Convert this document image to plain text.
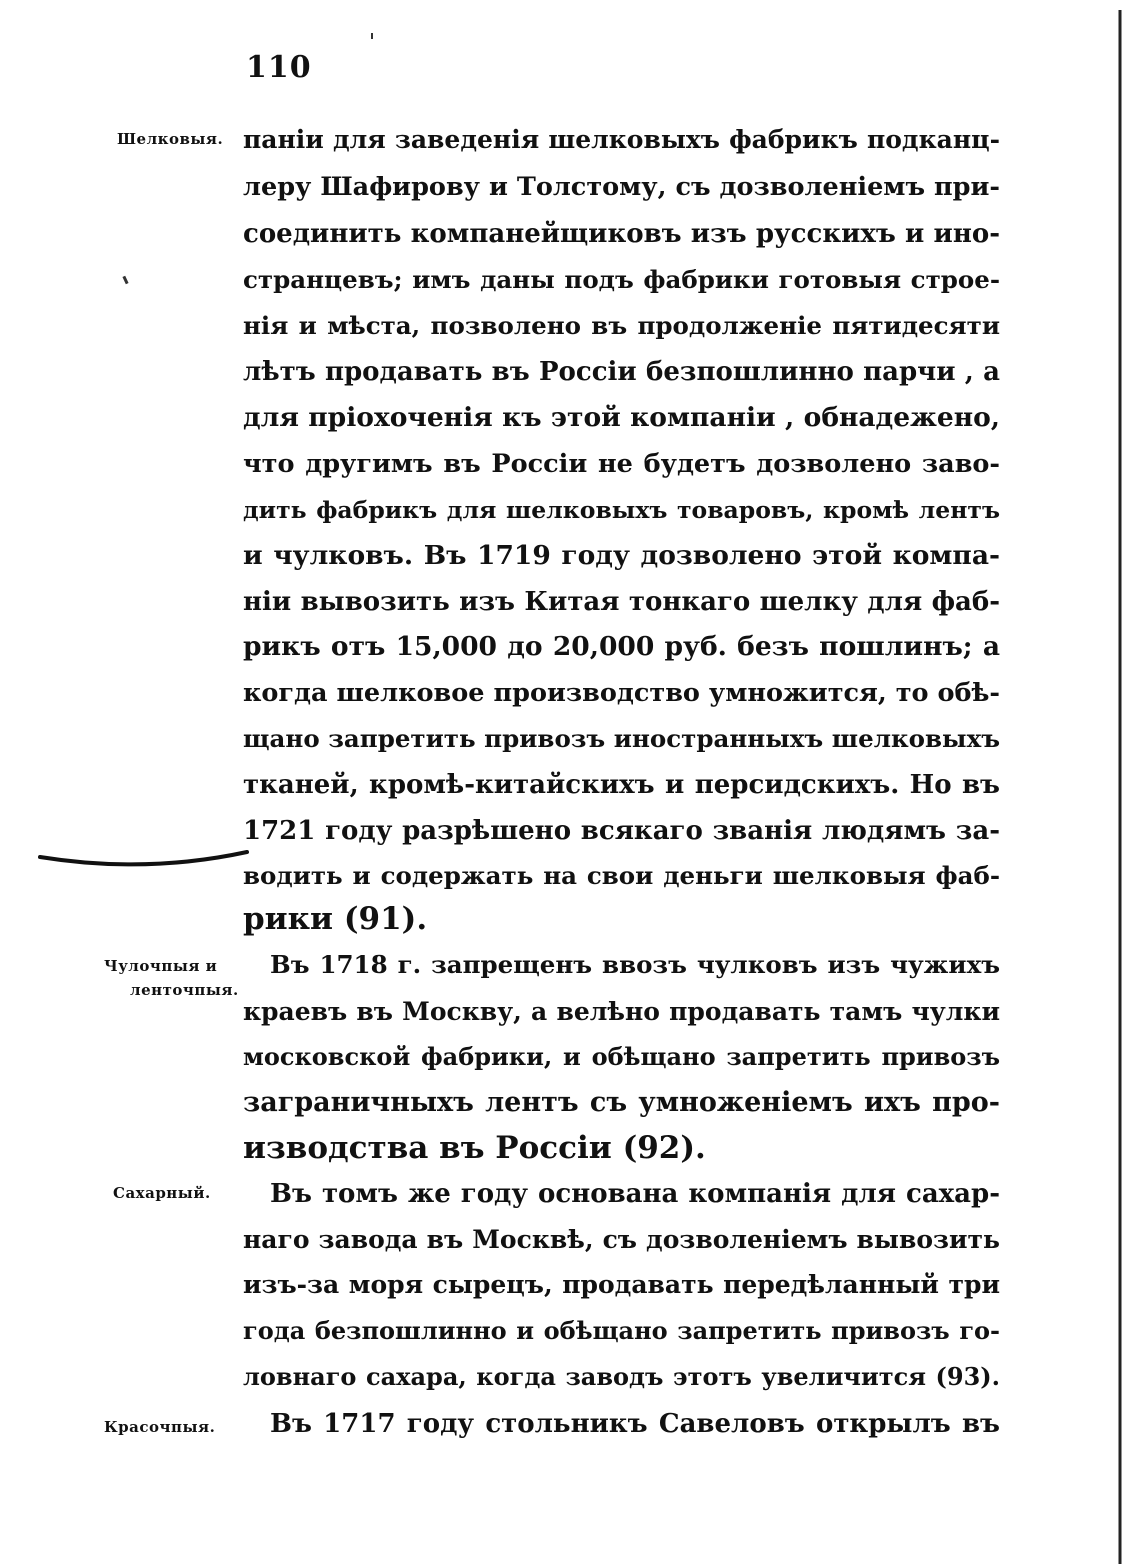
110
Шелковыя.
Чулочпыя и
ленточпыя.
Сахарный.
Красочпыя.
паніи для заведенія шелковыхъ фабрикъ подканц-
леру Шафирову и Толстому, съ дозволеніемъ при-
соединить компанейщиковъ изъ русскихъ и ино-
странцевъ; имъ даны подъ фабрики готовыя строе-
нія и мѣста, позволено въ продолженіе пятидесяти
лѣтъ продавать въ Россіи безпошлинно парчи , а
для пріохоченія къ этой компаніи , обнадежено,
что другимъ въ Россіи не будетъ дозволено заво-
дить фабрикъ для шелковыхъ товаровъ, кромѣ лентъ
и чулковъ. Въ 1719 году дозволено этой компа-
ніи вывозить изъ Китая тонкаго шелку для фаб-
рикъ отъ 15,000 до 20,000 руб. безъ пошлинъ; а
когда шелковое производство умножится, то обѣ-
щано запретить привозъ иностранныхъ шелковыхъ
тканей, кромѣ-китайскихъ и персидскихъ. Но въ
1721 году разрѣшено всякаго званія людямъ за-
водить и содержать на свои деньги шелковыя фаб-
рики (91).
Въ 1718 г. запрещенъ ввозъ чулковъ изъ чужихъ
краевъ въ Москву, а велѣно продавать тамъ чулки
московской фабрики, и обѣщано запретить привозъ
заграничныхъ лентъ съ умноженіемъ ихъ про-
изводства въ Россіи (92).
Въ томъ же году основана компанія для сахар-
наго завода въ Москвѣ, съ дозволеніемъ вывозить
изъ-за моря сырецъ, продавать передѣланный три
года безпошлинно и обѣщано запретить привозъ го-
ловнаго сахара, когда заводъ этотъ увеличится (93).
Въ 1717 году стольникъ Савеловъ открылъ въ
